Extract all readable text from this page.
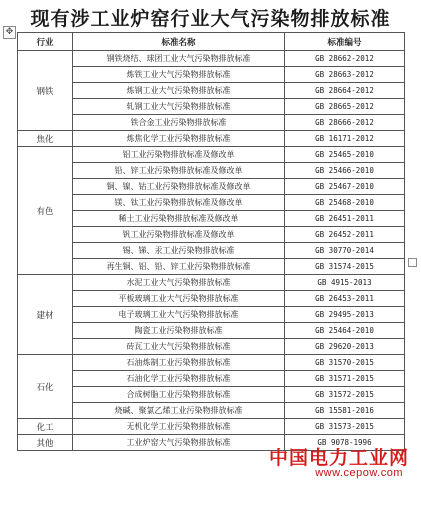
现有涉工业炉窑行业大气污染物排放标准
✥
行业	标准名称	标准编号
钢铁	钢铁烧结、球团工业大气污染物排放标准	GB 28662-2012
	炼铁工业大气污染物排放标准	GB 28663-2012
	炼钢工业大气污染物排放标准	GB 28664-2012
	轧钢工业大气污染物排放标准	GB 28665-2012
	铁合金工业污染物排放标准	GB 28666-2012
焦化	炼焦化学工业污染物排放标准	GB 16171-2012
有色	铝工业污染物排放标准及修改单	GB 25465-2010
	铅、锌工业污染物排放标准及修改单	GB 25466-2010
	铜、镍、钴工业污染物排放标准及修改单	GB 25467-2010
	镁、钛工业污染物排放标准及修改单	GB 25468-2010
	稀土工业污染物排放标准及修改单	GB 26451-2011
	钒工业污染物排放标准及修改单	GB 26452-2011
	锡、锑、汞工业污染物排放标准	GB 30770-2014
	再生铜、铝、铅、锌工业污染物排放标准	GB 31574-2015
建材	水泥工业大气污染物排放标准	GB 4915-2013
	平板玻璃工业大气污染物排放标准	GB 26453-2011
	电子玻璃工业大气污染物排放标准	GB 29495-2013
	陶瓷工业污染物排放标准	GB 25464-2010
	砖瓦工业大气污染物排放标准	GB 29620-2013
石化	石油炼制工业污染物排放标准	GB 31570-2015
	石油化学工业污染物排放标准	GB 31571-2015
	合成树脂工业污染物排放标准	GB 31572-2015
	烧碱、聚氯乙烯工业污染物排放标准	GB 15581-2016
化工	无机化学工业污染物排放标准	GB 31573-2015
其他	工业炉窑大气污染物排放标准	GB 9078-1996
中国电力工业网
www.cepow.com
